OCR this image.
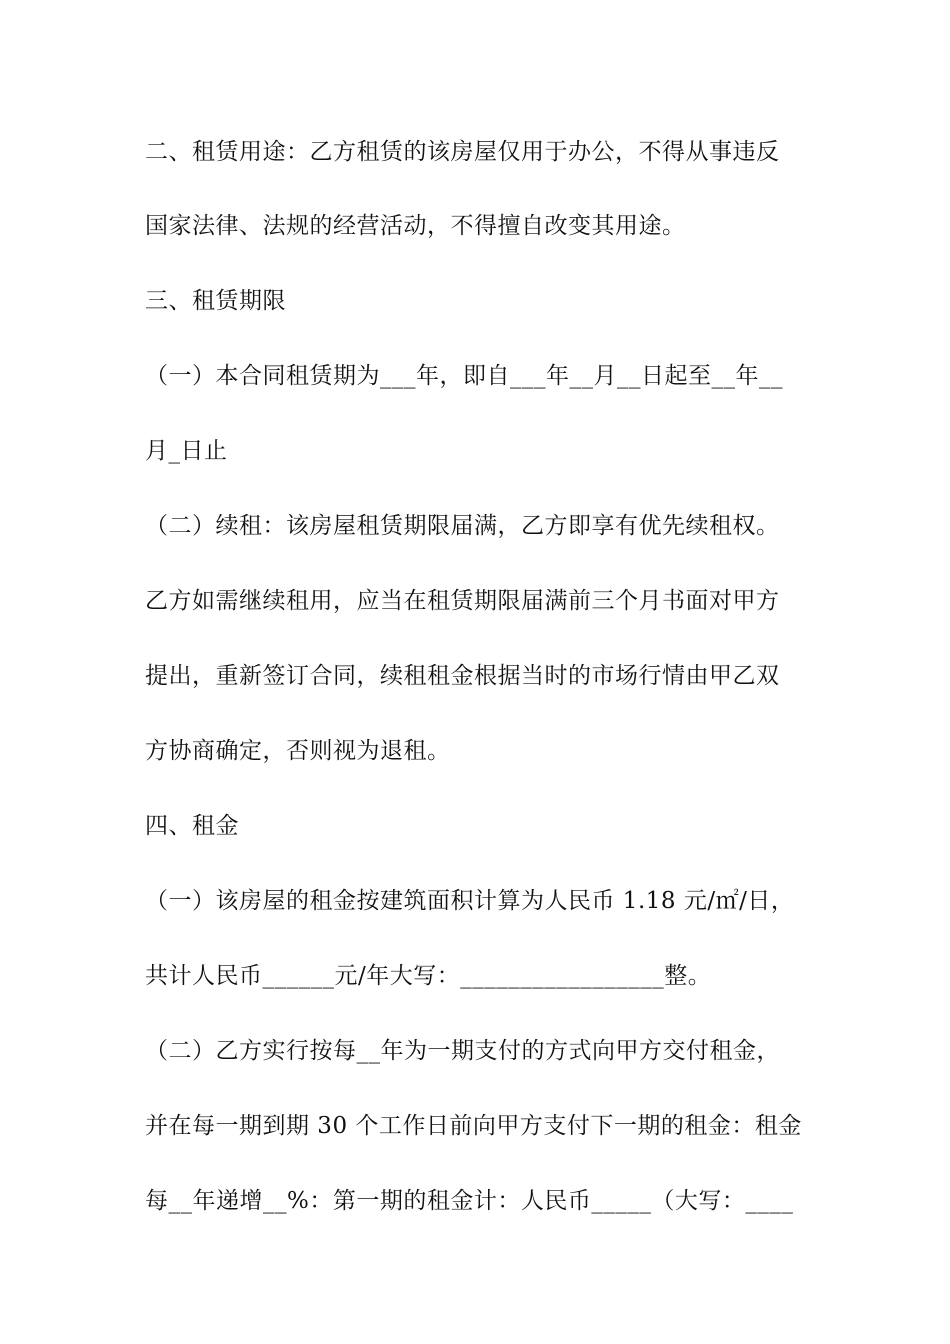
二、租赁用途：乙方租赁的该房屋仅用于办公，不得从事违反
国家法律、法规的经营活动，不得擅自改变其用途。
三、租赁期限
（一）本合同租赁期为___年，即自___年__月__日起至__年__
月_日止
（二）续租：该房屋租赁期限届满，乙方即享有优先续租权。
乙方如需继续租用，应当在租赁期限届满前三个月书面对甲方
提出，重新签订合同，续租租金根据当时的市场行情由甲乙双
方协商确定，否则视为退租。
四、租金
（一）该房屋的租金按建筑面积计算为人民币 1.18 元/㎡/日，
共计人民币______元/年大写：_________________整。
（二）乙方实行按每__年为一期支付的方式向甲方交付租金，
并在每一期到期 30 个工作日前向甲方支付下一期的租金：租金
每__年递增__%：第一期的租金计：人民币_____（大写：____
